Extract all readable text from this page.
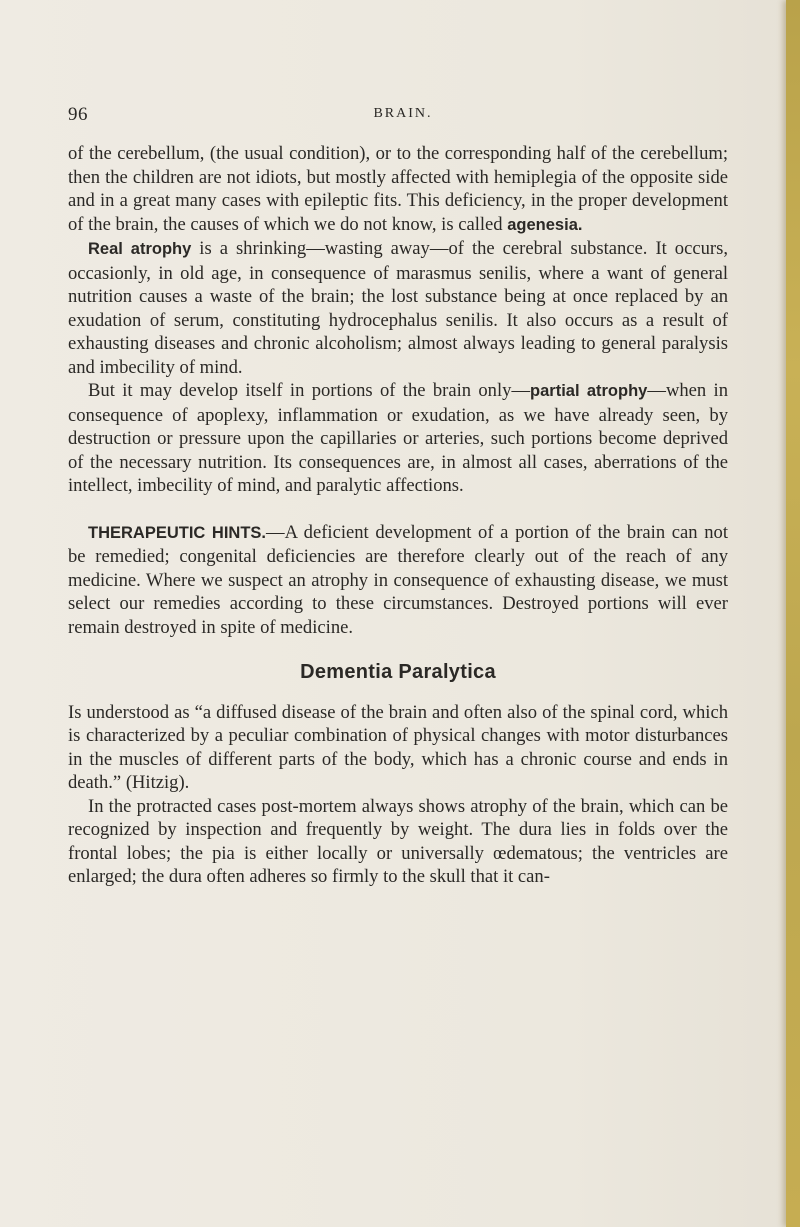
96	BRAIN.

of the cerebellum, (the usual condition), or to the corresponding half of the cerebellum; then the children are not idiots, but mostly affected with hemiplegia of the opposite side and in a great many cases with epileptic fits. This deficiency, in the proper development of the brain, the causes of which we do not know, is called agenesia.

Real atrophy is a shrinking—wasting away—of the cerebral substance. It occurs, occasionly, in old age, in consequence of marasmus senilis, where a want of general nutrition causes a waste of the brain; the lost substance being at once replaced by an exudation of serum, constituting hydrocephalus senilis. It also occurs as a result of exhausting diseases and chronic alcoholism; almost always leading to general paralysis and imbecility of mind.

But it may develop itself in portions of the brain only—partial atrophy—when in consequence of apoplexy, inflammation or exudation, as we have already seen, by destruction or pressure upon the capillaries or arteries, such portions become deprived of the necessary nutrition. Its consequences are, in almost all cases, aberrations of the intellect, imbecility of mind, and paralytic affections.

THERAPEUTIC HINTS.—A deficient development of a portion of the brain can not be remedied; congenital deficiencies are therefore clearly out of the reach of any medicine. Where we suspect an atrophy in consequence of exhausting disease, we must select our remedies according to these circumstances. Destroyed portions will ever remain destroyed in spite of medicine.

Dementia Paralytica

Is understood as “a diffused disease of the brain and often also of the spinal cord, which is characterized by a peculiar combination of physical changes with motor disturbances in the muscles of different parts of the body, which has a chronic course and ends in death.” (Hitzig).

In the protracted cases post-mortem always shows atrophy of the brain, which can be recognized by inspection and frequently by weight. The dura lies in folds over the frontal lobes; the pia is either locally or universally œdematous; the ventricles are enlarged; the dura often adheres so firmly to the skull that it can-
